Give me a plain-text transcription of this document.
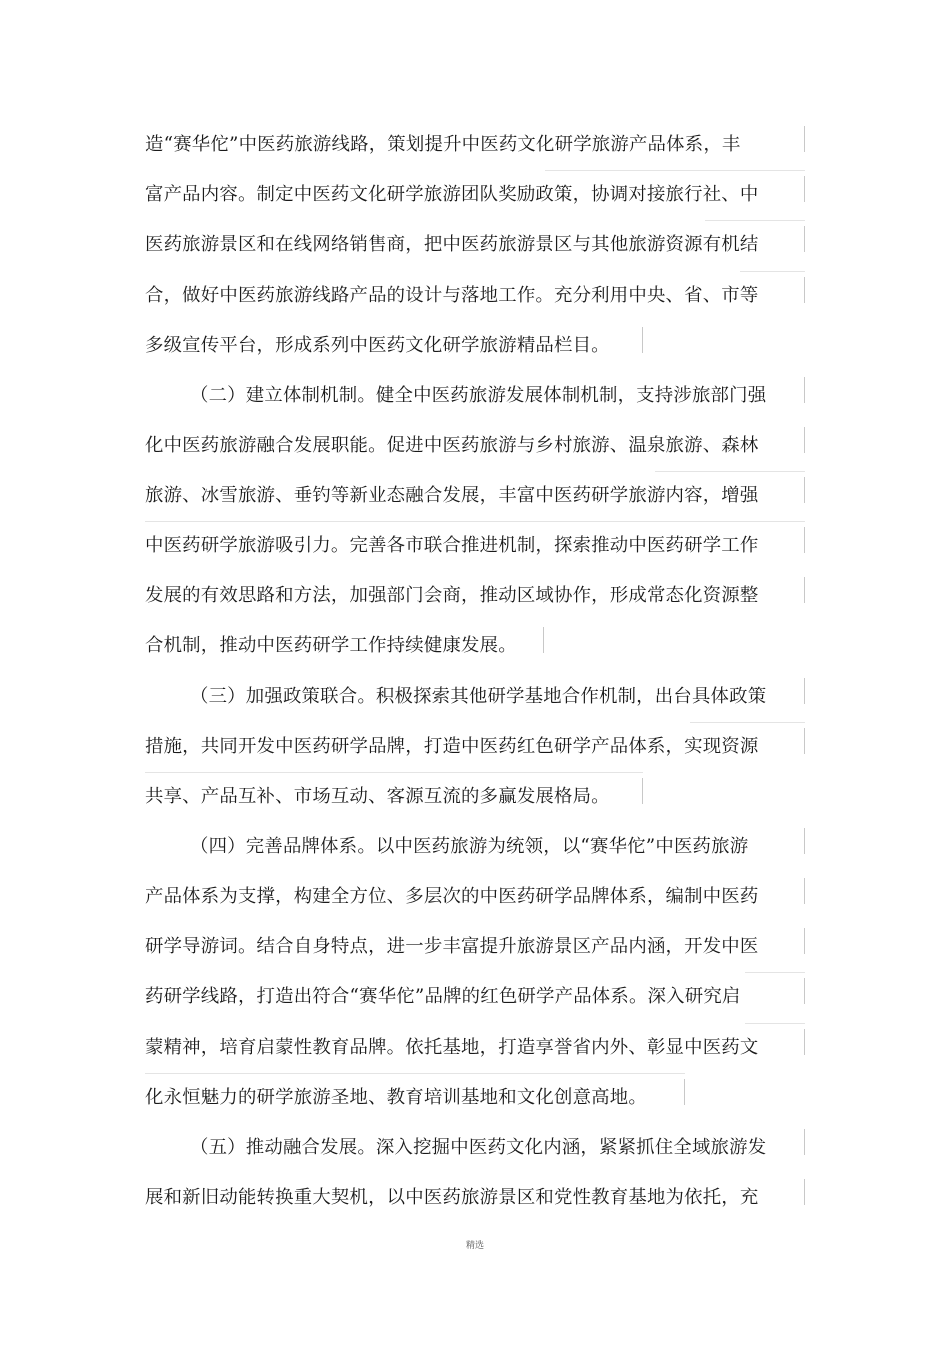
造“赛华佗”中医药旅游线路，策划提升中医药文化研学旅游产品体系，丰
富产品内容。制定中医药文化研学旅游团队奖励政策，协调对接旅行社、中
医药旅游景区和在线网络销售商，把中医药旅游景区与其他旅游资源有机结
合，做好中医药旅游线路产品的设计与落地工作。充分利用中央、省、市等
多级宣传平台，形成系列中医药文化研学旅游精品栏目。
（二）建立体制机制。健全中医药旅游发展体制机制，支持涉旅部门强
化中医药旅游融合发展职能。促进中医药旅游与乡村旅游、温泉旅游、森林
旅游、冰雪旅游、垂钓等新业态融合发展，丰富中医药研学旅游内容，增强
中医药研学旅游吸引力。完善各市联合推进机制，探索推动中医药研学工作
发展的有效思路和方法，加强部门会商，推动区域协作，形成常态化资源整
合机制，推动中医药研学工作持续健康发展。
（三）加强政策联合。积极探索其他研学基地合作机制，出台具体政策
措施，共同开发中医药研学品牌，打造中医药红色研学产品体系，实现资源
共享、产品互补、市场互动、客源互流的多赢发展格局。
（四）完善品牌体系。以中医药旅游为统领，以“赛华佗”中医药旅游
产品体系为支撑，构建全方位、多层次的中医药研学品牌体系，编制中医药
研学导游词。结合自身特点，进一步丰富提升旅游景区产品内涵，开发中医
药研学线路，打造出符合“赛华佗”品牌的红色研学产品体系。深入研究启
蒙精神，培育启蒙性教育品牌。依托基地，打造享誉省内外、彰显中医药文
化永恒魅力的研学旅游圣地、教育培训基地和文化创意高地。
（五）推动融合发展。深入挖掘中医药文化内涵，紧紧抓住全域旅游发
展和新旧动能转换重大契机，以中医药旅游景区和党性教育基地为依托，充
精选
